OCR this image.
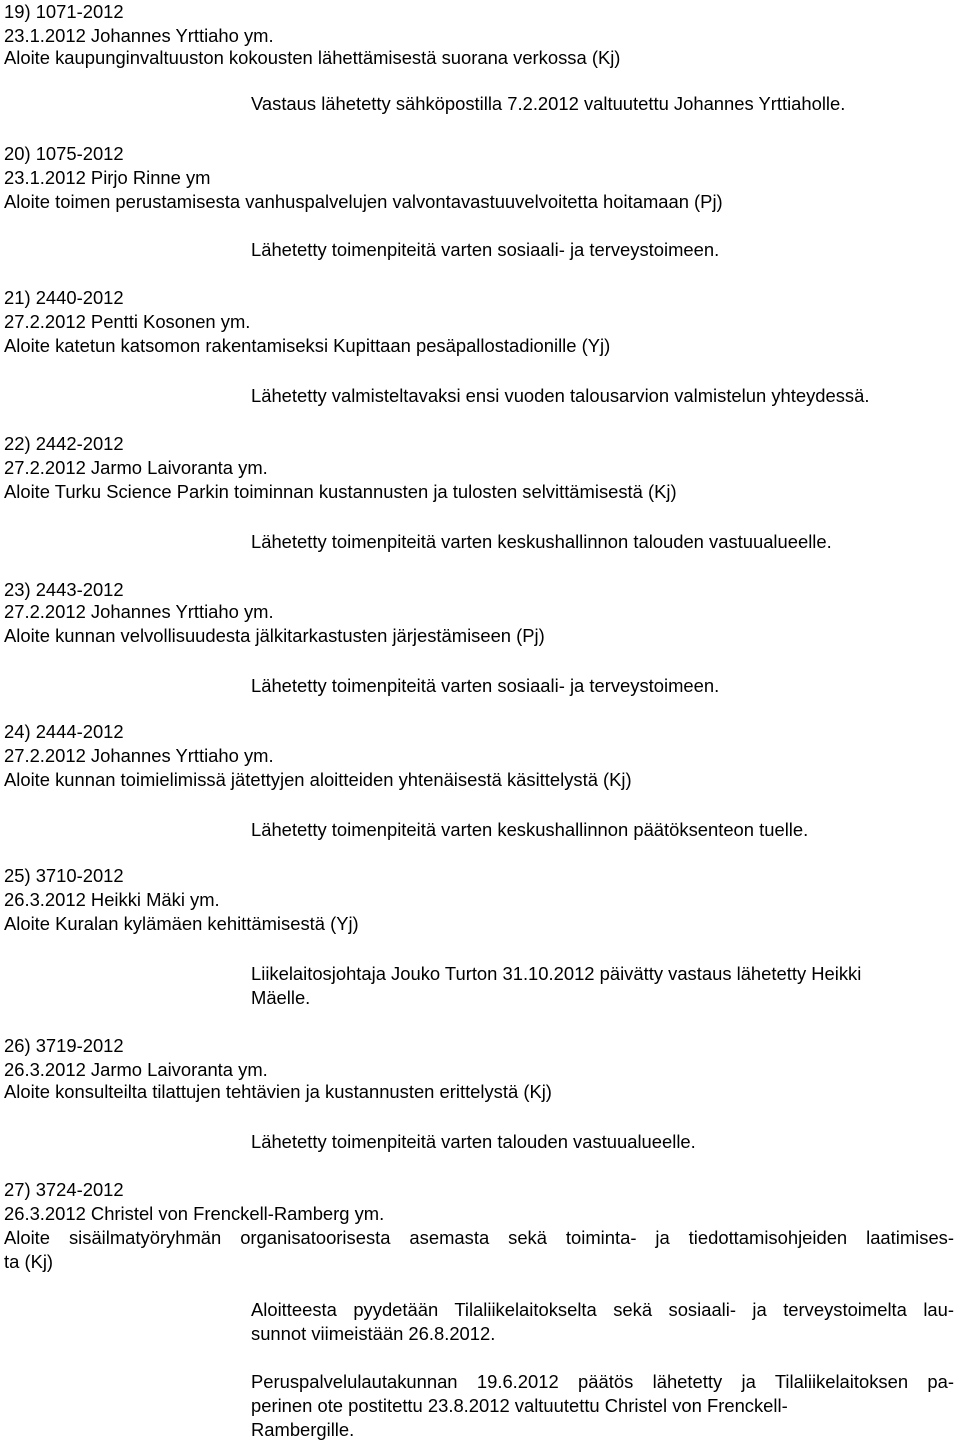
19) 1071-2012
23.1.2012 Johannes Yrttiaho ym.
Aloite kaupunginvaltuuston kokousten lähettämisestä suorana verkossa (Kj)
Vastaus lähetetty sähköpostilla 7.2.2012 valtuutettu Johannes Yrttiaholle.
20) 1075-2012
23.1.2012 Pirjo Rinne ym
Aloite toimen perustamisesta vanhuspalvelujen valvontavastuuvelvoitetta hoitamaan (Pj)
Lähetetty toimenpiteitä varten sosiaali- ja terveystoimeen.
21) 2440-2012
27.2.2012 Pentti Kosonen ym.
Aloite katetun katsomon rakentamiseksi Kupittaan pesäpallostadionille (Yj)
Lähetetty valmisteltavaksi ensi vuoden talousarvion valmistelun yhteydessä.
22) 2442-2012
27.2.2012 Jarmo Laivoranta ym.
Aloite Turku Science Parkin toiminnan kustannusten ja tulosten selvittämisestä (Kj)
Lähetetty toimenpiteitä varten keskushallinnon talouden vastuualueelle.
23) 2443-2012
27.2.2012 Johannes Yrttiaho ym.
Aloite kunnan velvollisuudesta jälkitarkastusten järjestämiseen (Pj)
Lähetetty toimenpiteitä varten sosiaali- ja terveystoimeen.
24) 2444-2012
27.2.2012 Johannes Yrttiaho ym.
Aloite kunnan toimielimissä jätettyjen aloitteiden yhtenäisestä käsittelystä (Kj)
Lähetetty toimenpiteitä varten keskushallinnon päätöksenteon tuelle.
25) 3710-2012
26.3.2012 Heikki Mäki ym.
Aloite Kuralan kylämäen kehittämisestä (Yj)
Liikelaitosjohtaja Jouko Turton 31.10.2012 päivätty vastaus lähetetty Heikki
Mäelle.
26) 3719-2012
26.3.2012 Jarmo Laivoranta ym.
Aloite konsulteilta tilattujen tehtävien ja kustannusten erittelystä (Kj)
Lähetetty toimenpiteitä varten talouden vastuualueelle.
27) 3724-2012
26.3.2012 Christel von Frenckell-Ramberg ym.
Aloite sisäilmatyöryhmän organisatoorisesta asemasta sekä toiminta- ja tiedottamisohjeiden laatimises-
ta (Kj)
Aloitteesta pyydetään Tilaliikelaitokselta sekä sosiaali- ja terveystoimelta lau-
sunnot viimeistään 26.8.2012.
Peruspalvelulautakunnan 19.6.2012 päätös lähetetty ja Tilaliikelaitoksen pa-
perinen ote postitettu 23.8.2012 valtuutettu Christel von Frenckell-
Rambergille.
